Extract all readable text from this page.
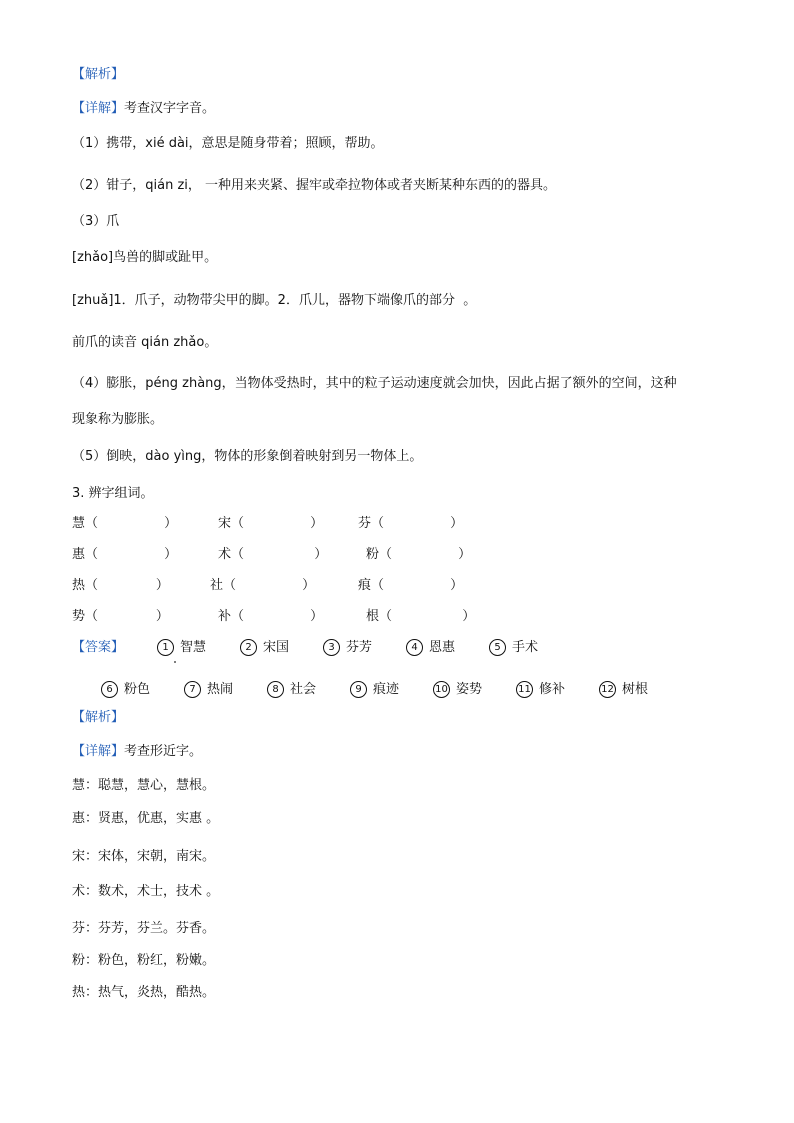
【解析】
【详解】考查汉字字音。
（1）携带，xié dài，意思是随身带着；照顾，帮助。
（2）钳子，qián zi， 一种用来夹紧、握牢或牵拉物体或者夹断某种东西的的器具。
（3）爪
[zhǎo]鸟兽的脚或趾甲。
[zhuǎ]1．爪子，动物带尖甲的脚。2．爪儿，器物下端像爪的部分  。
前爪的读音 qián zhǎo。
（4）膨胀，péng zhàng，当物体受热时，其中的粒子运动速度就会加快，因此占据了额外的空间，这种
现象称为膨胀。
（5）倒映，dào yìng，物体的形象倒着映射到另一物体上。
3. 辨字组词。
慧（                ）	宋（                ）	芬（                ）
惠（                ）	术（                 ）	粉（                ）
热（              ）	社（                ）	痕（                ）
势（              ）	补（                ）	根（                 ）
【答案】	1 智慧	2 宋国	3 芬芳	4 恩惠	5 手术
6 粉色	7 热闹	8 社会	9 痕迹	10 姿势	11 修补	12 树根
【解析】
【详解】考查形近字。
慧：聪慧，慧心，慧根。
惠：贤惠，优惠，实惠 。
宋：宋体，宋朝，南宋。
术：数术，术士，技术 。
芬：芬芳，芬兰。芬香。
粉：粉色，粉红，粉嫩。
热：热气，炎热，酷热。
